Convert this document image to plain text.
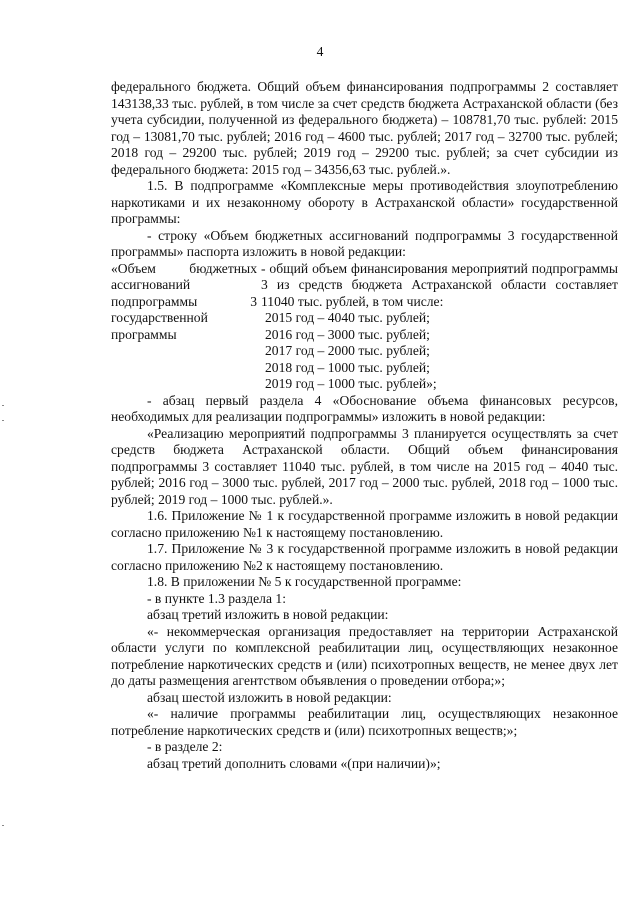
4

федерального бюджета. Общий объем финансирования подпрограммы 2 составляет 143138,33 тыс. рублей, в том числе за счет средств бюджета Астраханской области (без учета субсидии, полученной из федерального бюджета) – 108781,70 тыс. рублей: 2015 год – 13081,70 тыс. рублей; 2016 год – 4600 тыс. рублей; 2017 год – 32700 тыс. рублей; 2018 год – 29200 тыс. рублей; 2019 год – 29200 тыс. рублей; за счет субсидии из федерального бюджета: 2015 год – 34356,63 тыс. рублей.».

1.5. В подпрограмме «Комплексные меры противодействия злоупотреблению наркотиками и их незаконному обороту в Астраханской области» государственной программы:

- строку «Объем бюджетных ассигнований подпрограммы 3 государственной программы» паспорта изложить в новой редакции:

«Объем бюджетных ассигнований подпрограммы 3 государственной программы

- общий объем финансирования мероприятий подпрограммы 3 из средств бюджета Астраханской области составляет 11040 тыс. рублей, в том числе:

2015 год – 4040 тыс. рублей;
2016 год – 3000 тыс. рублей;
2017 год – 2000 тыс. рублей;
2018 год – 1000 тыс. рублей;
2019 год – 1000 тыс. рублей»;

- абзац первый раздела 4 «Обоснование объема финансовых ресурсов, необходимых для реализации подпрограммы» изложить в новой редакции:

«Реализацию мероприятий подпрограммы 3 планируется осуществлять за счет средств бюджета Астраханской области. Общий объем финансирования подпрограммы 3 составляет 11040 тыс. рублей, в том числе на 2015 год – 4040 тыс. рублей; 2016 год – 3000 тыс. рублей, 2017 год – 2000 тыс. рублей, 2018 год – 1000 тыс. рублей; 2019 год – 1000 тыс. рублей.».

1.6. Приложение № 1 к государственной программе изложить в новой редакции согласно приложению №1 к настоящему постановлению.

1.7. Приложение № 3 к государственной программе изложить в новой редакции согласно приложению №2 к настоящему постановлению.

1.8. В приложении № 5 к государственной программе:

- в пункте 1.3 раздела 1:

абзац третий изложить в новой редакции:

«- некоммерческая организация предоставляет на территории Астраханской области услуги по комплексной реабилитации лиц, осуществляющих незаконное потребление наркотических средств и (или) психотропных веществ, не менее двух лет до даты размещения агентством объявления о проведении отбора;»;

абзац шестой изложить в новой редакции:

«- наличие программы реабилитации лиц, осуществляющих незаконное потребление наркотических средств и (или) психотропных веществ;»;

- в разделе 2:

абзац третий дополнить словами «(при наличии)»;
